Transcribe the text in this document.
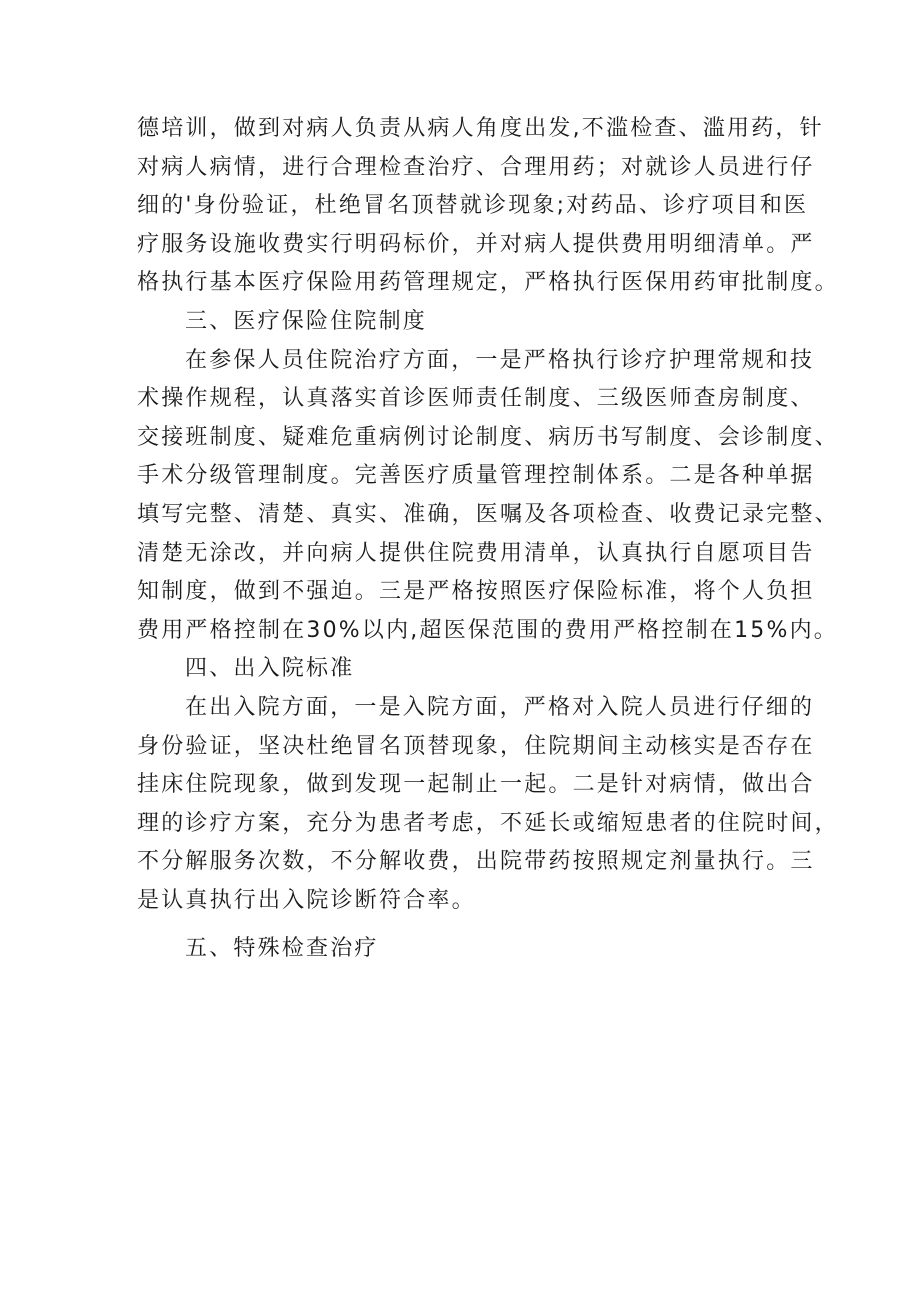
德培训，做到对病人负责从病人角度出发,不滥检查、滥用药，针
对病人病情，进行合理检查治疗、合理用药；对就诊人员进行仔
细的'身份验证，杜绝冒名顶替就诊现象;对药品、诊疗项目和医
疗服务设施收费实行明码标价，并对病人提供费用明细清单。严
格执行基本医疗保险用药管理规定，严格执行医保用药审批制度。
三、医疗保险住院制度
在参保人员住院治疗方面，一是严格执行诊疗护理常规和技
术操作规程，认真落实首诊医师责任制度、三级医师查房制度、
交接班制度、疑难危重病例讨论制度、病历书写制度、会诊制度、
手术分级管理制度。完善医疗质量管理控制体系。二是各种单据
填写完整、清楚、真实、准确，医嘱及各项检查、收费记录完整、
清楚无涂改，并向病人提供住院费用清单，认真执行自愿项目告
知制度，做到不强迫。三是严格按照医疗保险标准，将个人负担
费用严格控制在30%以内,超医保范围的费用严格控制在15%内。
四、出入院标准
在出入院方面，一是入院方面，严格对入院人员进行仔细的
身份验证，坚决杜绝冒名顶替现象，住院期间主动核实是否存在
挂床住院现象，做到发现一起制止一起。二是针对病情，做出合
理的诊疗方案，充分为患者考虑，不延长或缩短患者的住院时间，
不分解服务次数，不分解收费，出院带药按照规定剂量执行。三
是认真执行出入院诊断符合率。
五、特殊检查治疗
